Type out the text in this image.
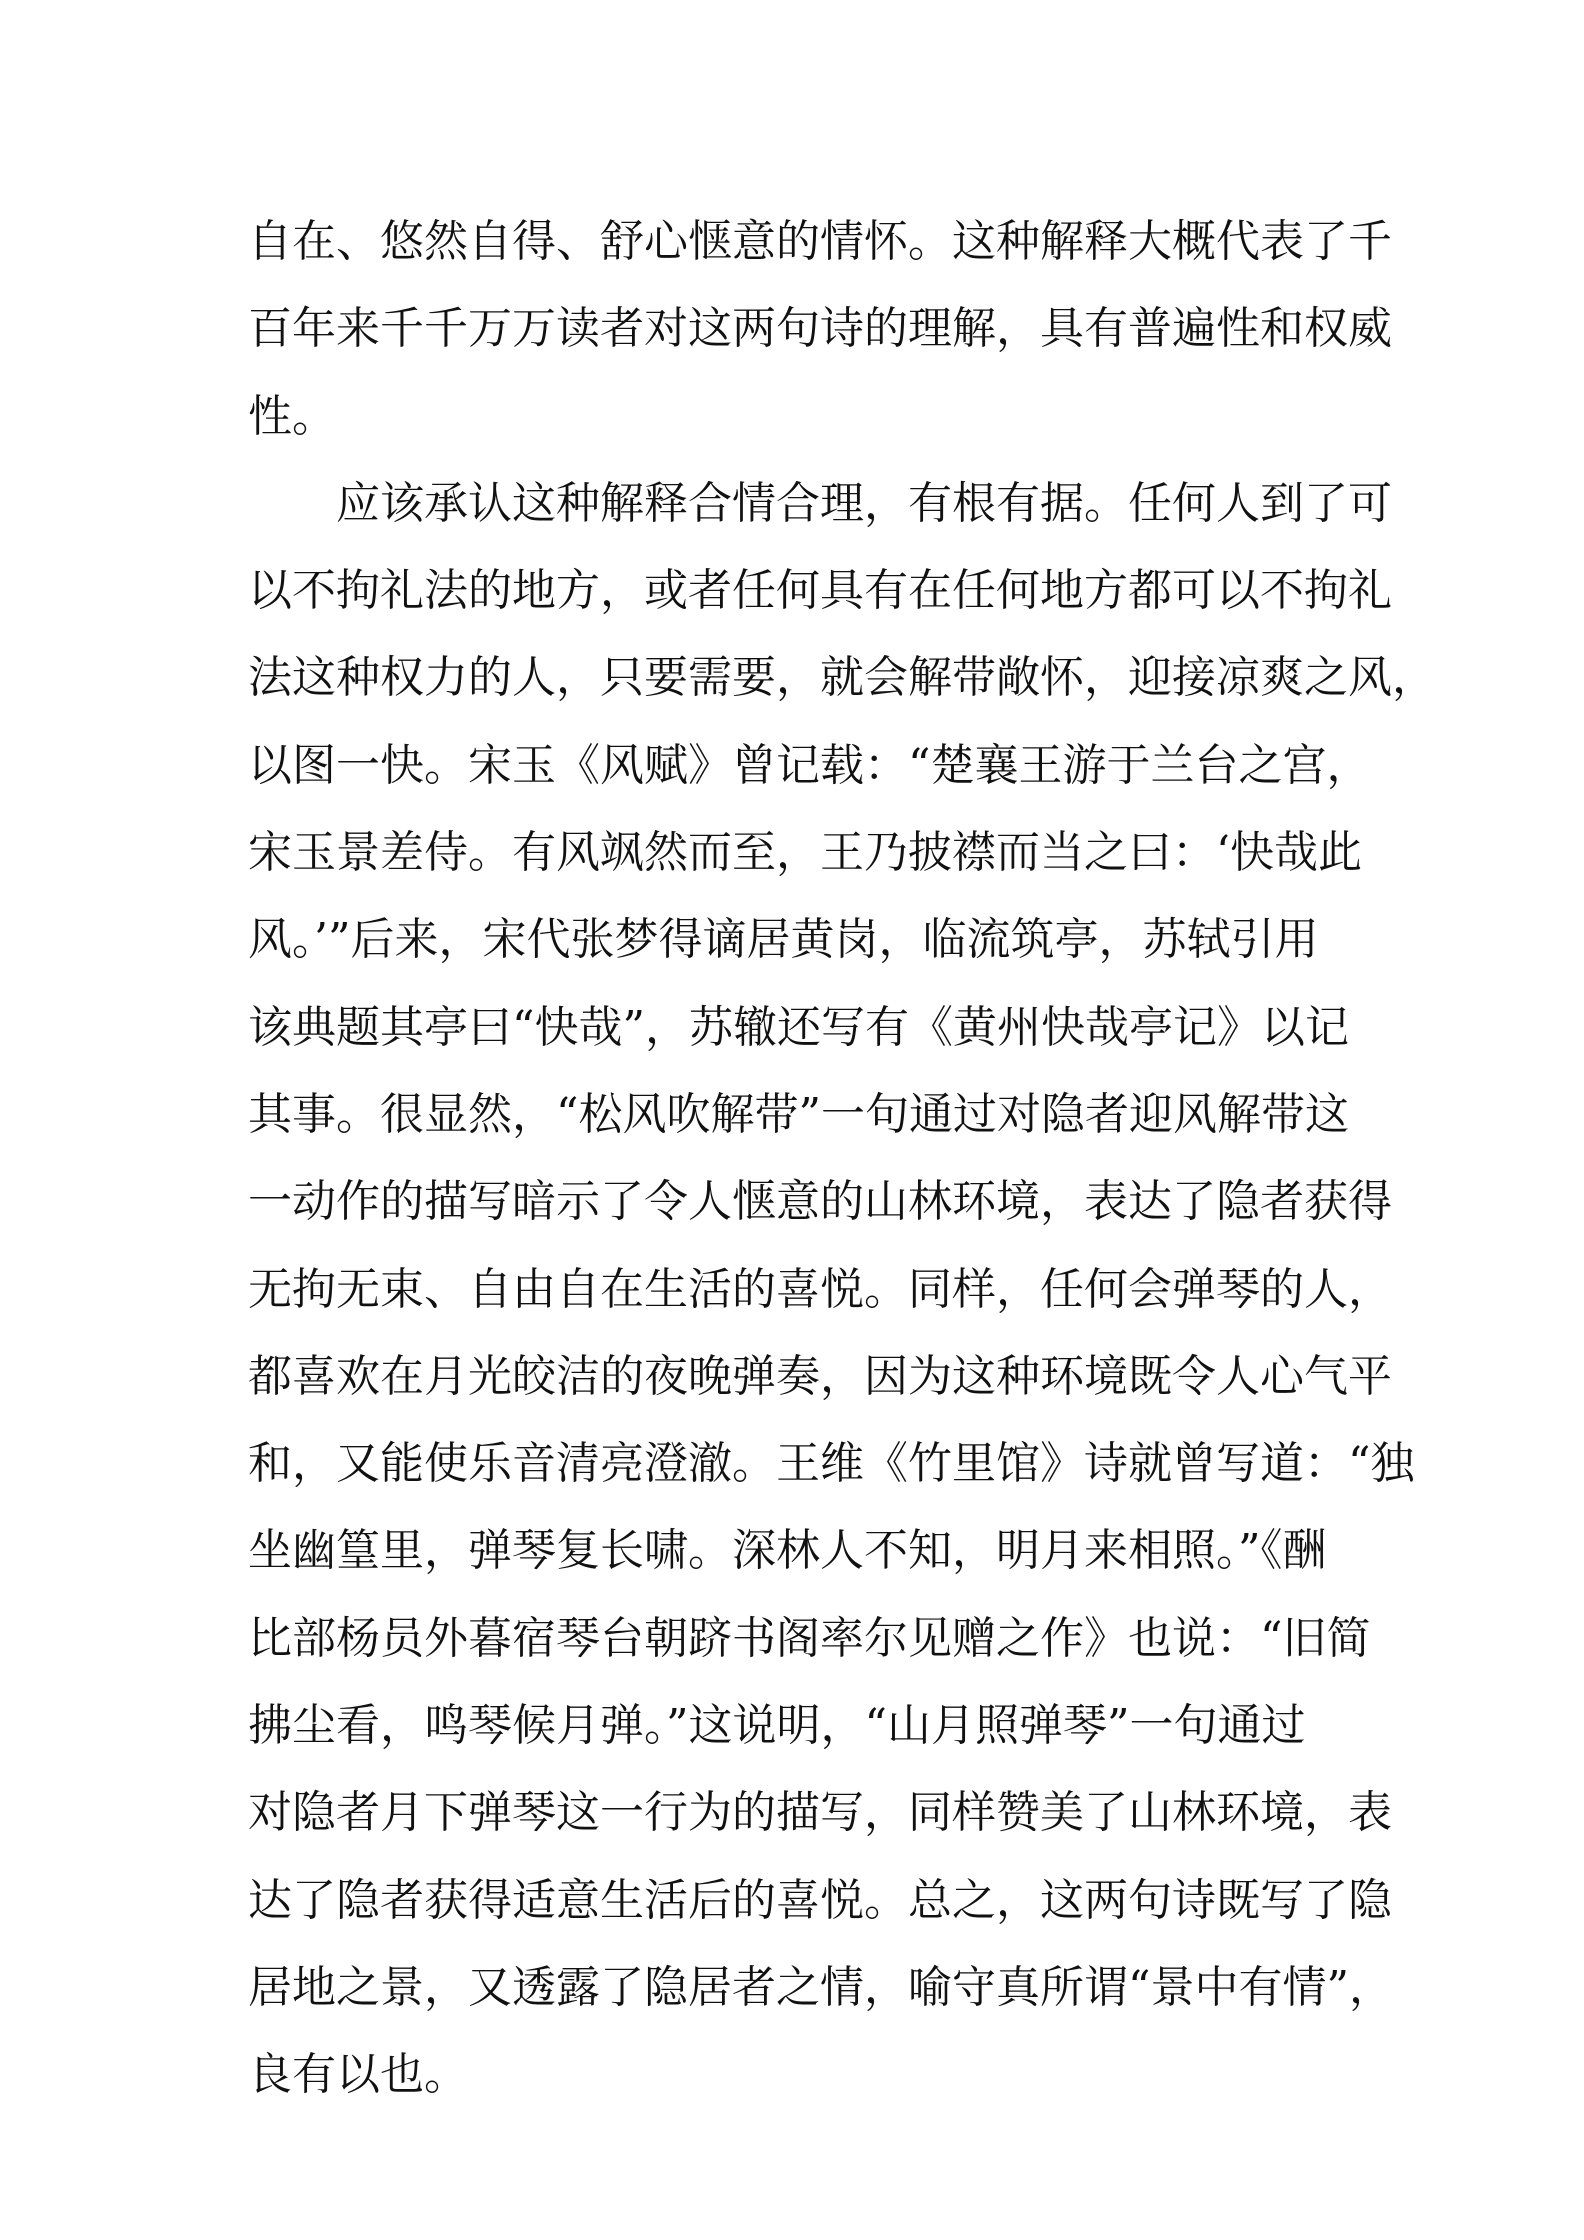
自在、悠然自得、舒心惬意的情怀。这种解释大概代表了千
百年来千千万万读者对这两句诗的理解，具有普遍性和权威
性。
应该承认这种解释合情合理，有根有据。任何人到了可
以不拘礼法的地方，或者任何具有在任何地方都可以不拘礼
法这种权力的人，只要需要，就会解带敞怀，迎接凉爽之风，
以图一快。宋玉《风赋》曾记载：“楚襄王游于兰台之宫，
宋玉景差侍。有风飒然而至，王乃披襟而当之曰：‘快哉此
风。’”后来，宋代张梦得谪居黄岗，临流筑亭，苏轼引用
该典题其亭曰“快哉”，苏辙还写有《黄州快哉亭记》以记
其事。很显然，“松风吹解带”一句通过对隐者迎风解带这
一动作的描写暗示了令人惬意的山林环境，表达了隐者获得
无拘无束、自由自在生活的喜悦。同样，任何会弹琴的人，
都喜欢在月光皎洁的夜晚弹奏，因为这种环境既令人心气平
和，又能使乐音清亮澄澈。王维《竹里馆》诗就曾写道：“独
坐幽篁里，弹琴复长啸。深林人不知，明月来相照。”《酬
比部杨员外暮宿琴台朝跻书阁率尔见赠之作》也说：“旧简
拂尘看，鸣琴候月弹。”这说明，“山月照弹琴”一句通过
对隐者月下弹琴这一行为的描写，同样赞美了山林环境，表
达了隐者获得适意生活后的喜悦。总之，这两句诗既写了隐
居地之景，又透露了隐居者之情，喻守真所谓“景中有情”，
良有以也。
